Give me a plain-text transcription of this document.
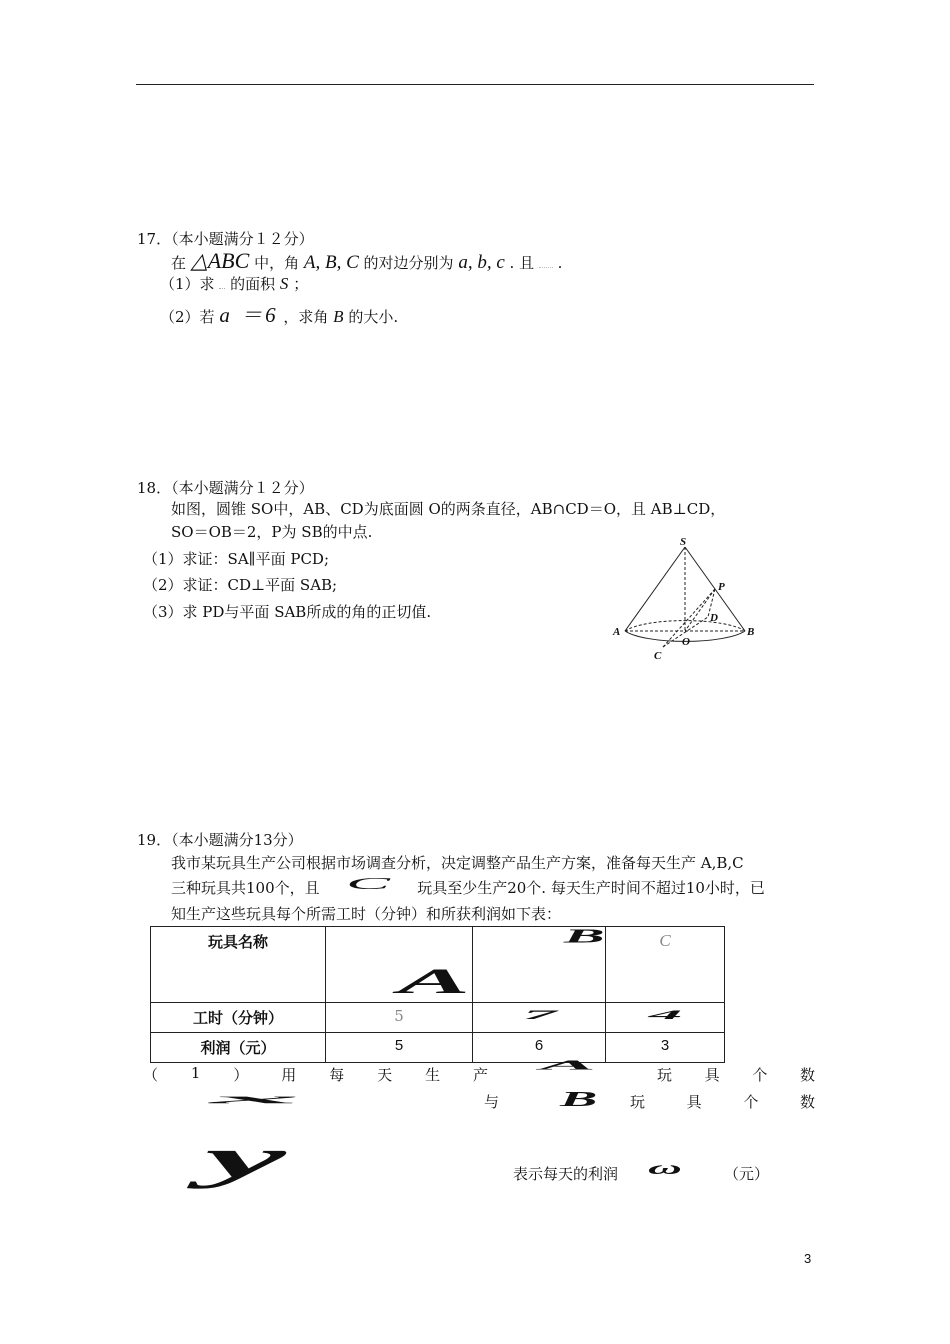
17．（本小题满分１２分）
在 △ABC 中，角 A, B, C 的对边分别为 a, b, c . 且 .
（1）求 的面积 S ；
（2）若 a ＝6 ，求角 B 的大小.
18．（本小题满分１２分）
如图，圆锥 SO中，AB、CD为底面圆 O的两条直径，AB∩CD＝O，且 AB⊥CD，
SO＝OB＝2，P为 SB的中点.
（1）求证：SA∥平面 PCD;
（2）求证：CD⊥平面 SAB;
（3）求 PD与平面 SAB所成的角的正切值.
S
P
D
A
O
B
C
19．（本小题满分13分）
我市某玩具生产公司根据市场调查分析，决定调整产品生产方案，准备每天生产 A,B,C
三种玩具共100个，且 C 玩具至少生产20个. 每天生产时间不超过10小时，已
知生产这些玩具每个所需工时（分钟）和所获利润如下表：
玩具名称	A	B	C
工时（分钟）	5	7	4
利润（元）	5	6	3
（ 1 ） 用 每 天 生 产
A
玩 具 个 数
x	与 B 玩	具	个	数
y	表示每天的利润 ω	（元）
3
